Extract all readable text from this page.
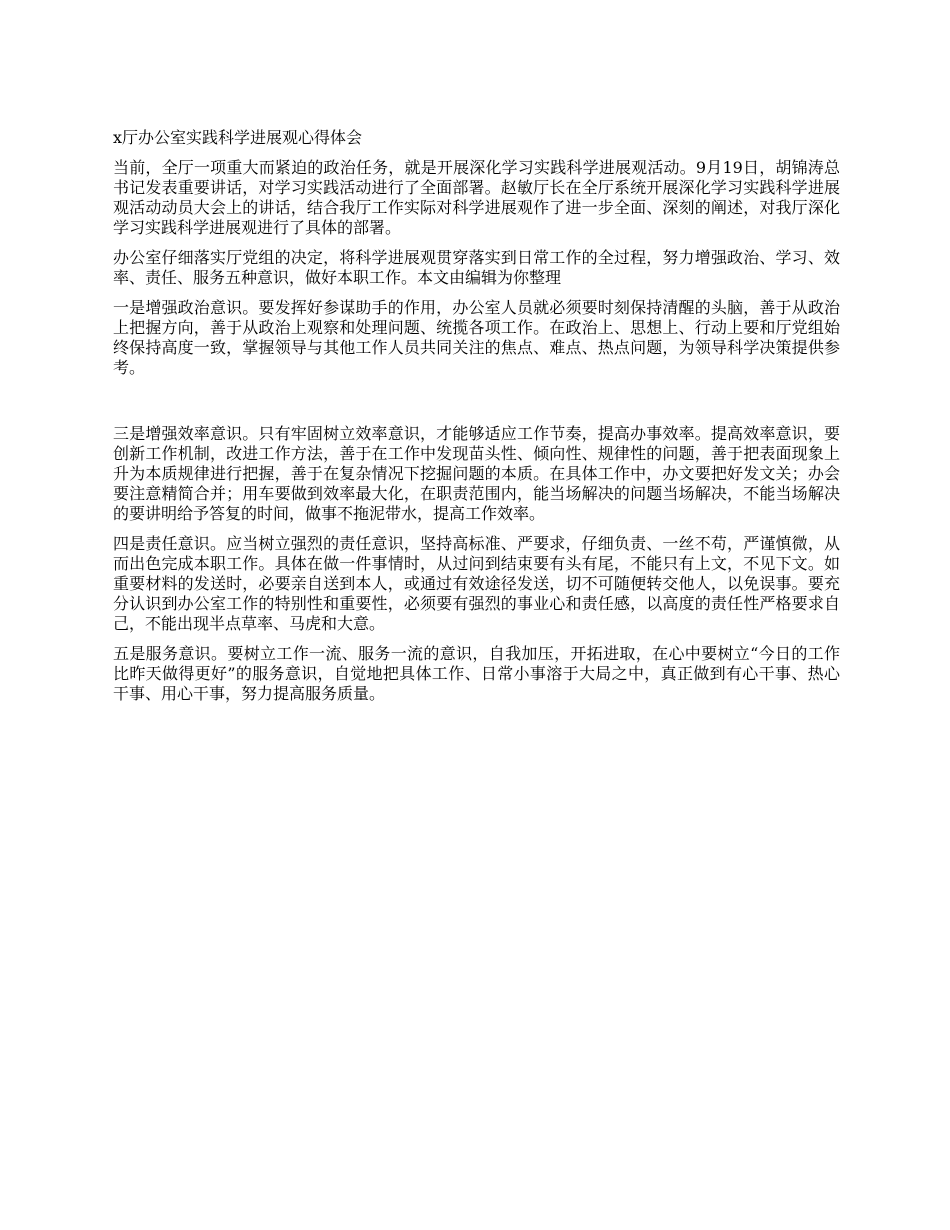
x厅办公室实践科学进展观心得体会

当前，全厅一项重大而紧迫的政治任务，就是开展深化学习实践科学进展观活动。9月19日，胡锦涛总书记发表重要讲话，对学习实践活动进行了全面部署。赵敏厅长在全厅系统开展深化学习实践科学进展观活动动员大会上的讲话，结合我厅工作实际对科学进展观作了进一步全面、深刻的阐述，对我厅深化学习实践科学进展观进行了具体的部署。

办公室仔细落实厅党组的决定，将科学进展观贯穿落实到日常工作的全过程，努力增强政治、学习、效率、责任、服务五种意识，做好本职工作。本文由编辑为你整理

一是增强政治意识。要发挥好参谋助手的作用，办公室人员就必须要时刻保持清醒的头脑，善于从政治上把握方向，善于从政治上观察和处理问题、统揽各项工作。在政治上、思想上、行动上要和厅党组始终保持高度一致，掌握领导与其他工作人员共同关注的焦点、难点、热点问题，为领导科学决策提供参考。

三是增强效率意识。只有牢固树立效率意识，才能够适应工作节奏，提高办事效率。提高效率意识，要创新工作机制，改进工作方法，善于在工作中发现苗头性、倾向性、规律性的问题，善于把表面现象上升为本质规律进行把握，善于在复杂情况下挖掘问题的本质。在具体工作中，办文要把好发文关；办会要注意精简合并；用车要做到效率最大化，在职责范围内，能当场解决的问题当场解决，不能当场解决的要讲明给予答复的时间，做事不拖泥带水，提高工作效率。

四是责任意识。应当树立强烈的责任意识，坚持高标准、严要求，仔细负责、一丝不苟，严谨慎微，从而出色完成本职工作。具体在做一件事情时，从过问到结束要有头有尾，不能只有上文，不见下文。如重要材料的发送时，必要亲自送到本人，或通过有效途径发送，切不可随便转交他人，以免误事。要充分认识到办公室工作的特别性和重要性，必须要有强烈的事业心和责任感，以高度的责任性严格要求自己，不能出现半点草率、马虎和大意。

五是服务意识。要树立工作一流、服务一流的意识，自我加压，开拓进取，在心中要树立“今日的工作比昨天做得更好”的服务意识，自觉地把具体工作、日常小事溶于大局之中，真正做到有心干事、热心干事、用心干事，努力提高服务质量。
